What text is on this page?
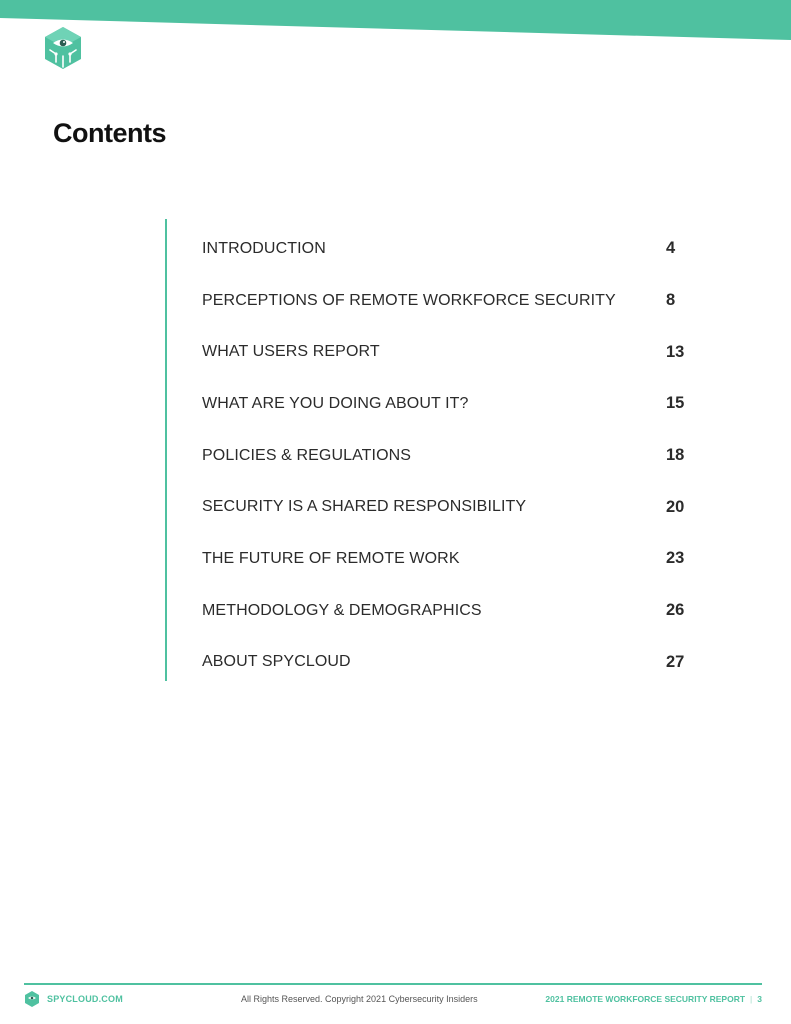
Contents
INTRODUCTION	4
PERCEPTIONS OF REMOTE WORKFORCE SECURITY	8
WHAT USERS REPORT	13
WHAT ARE YOU DOING ABOUT IT?	15
POLICIES & REGULATIONS	18
SECURITY IS A SHARED RESPONSIBILITY	20
THE FUTURE OF REMOTE WORK	23
METHODOLOGY & DEMOGRAPHICS	26
ABOUT SPYCLOUD	27
SPYCLOUD.COM	All Rights Reserved. Copyright 2021 Cybersecurity Insiders	2021 REMOTE WORKFORCE SECURITY REPORT | 3
